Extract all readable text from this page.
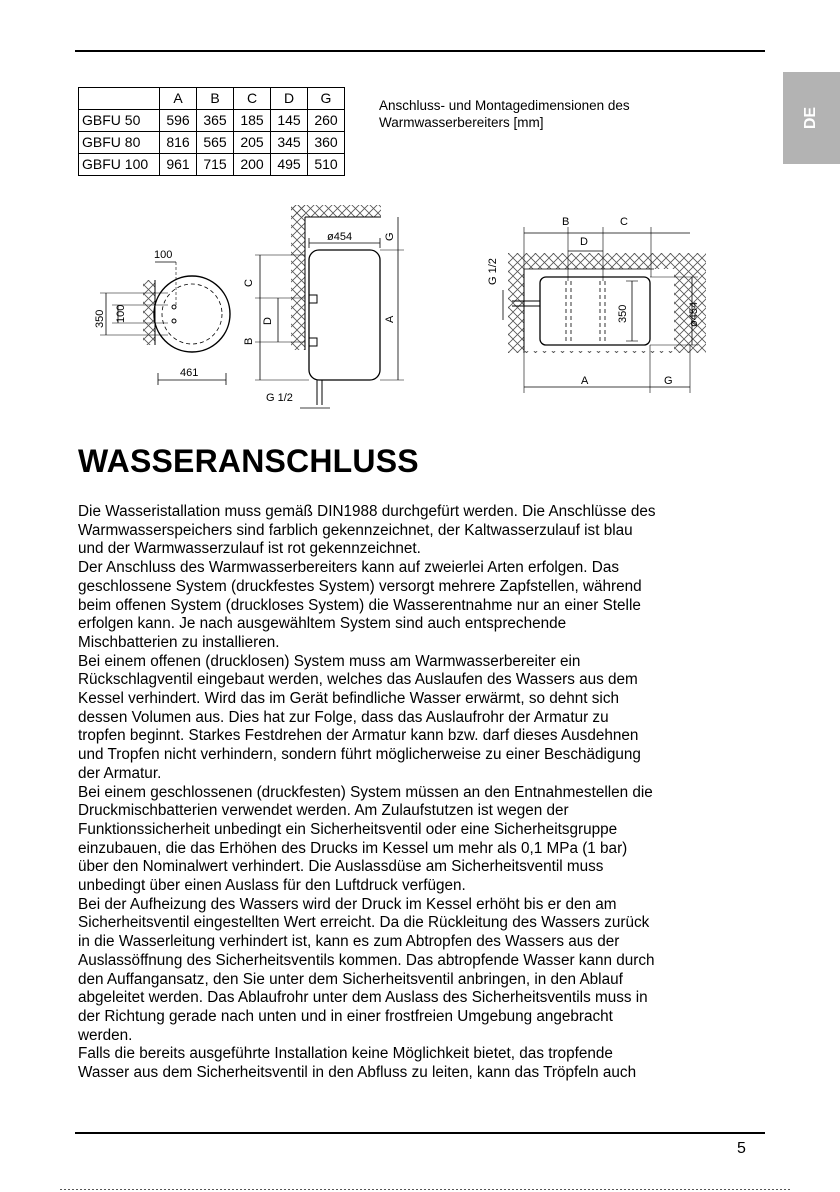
DE
	A	B	C	D	G
GBFU 50	596	365	185	145	260
GBFU 80	816	565	205	345	360
GBFU 100	961	715	200	495	510
Anschluss- und Montagedimensionen des
Warmwasserbereiters [mm]
100
350 100
461
C
B
D
ø454	G
A
G 1/2
B	C
D
G 1/2
350	ø454
A	G
WASSERANSCHLUSS

Die Wasseristallation muss gemäß DIN1988 durchgefürt werden. Die Anschlüsse des

Warmwasserspeichers sind farblich gekennzeichnet, der Kaltwasserzulauf ist blau

und der Warmwasserzulauf ist rot gekennzeichnet.

Der Anschluss des Warmwasserbereiters kann auf zweierlei Arten erfolgen. Das

geschlossene System (druckfestes System) versorgt mehrere Zapfstellen, während

beim offenen System (druckloses System) die Wasserentnahme nur an einer Stelle

erfolgen kann. Je nach ausgewähltem System sind auch entsprechende

Mischbatterien zu installieren.

Bei einem offenen (drucklosen) System muss am Warmwasserbereiter ein

Rückschlagventil eingebaut werden, welches das Auslaufen des Wassers aus dem

Kessel verhindert. Wird das im Gerät befindliche Wasser erwärmt, so dehnt sich

dessen Volumen aus. Dies hat zur Folge, dass das Auslaufrohr der Armatur zu

tropfen beginnt. Starkes Festdrehen der Armatur kann bzw. darf dieses Ausdehnen

und Tropfen nicht verhindern, sondern führt möglicherweise zu einer Beschädigung

der Armatur.

Bei einem geschlossenen (druckfesten) System müssen an den Entnahmestellen die

Druckmischbatterien verwendet werden. Am Zulaufstutzen ist wegen der

Funktionssicherheit unbedingt ein Sicherheitsventil oder eine Sicherheitsgruppe

einzubauen, die das Erhöhen des Drucks im Kessel um mehr als 0,1 MPa (1 bar)

über den Nominalwert verhindert. Die Auslassdüse am Sicherheitsventil muss

unbedingt über einen Auslass für den Luftdruck verfügen.

Bei der Aufheizung des Wassers wird der Druck im Kessel erhöht bis er den am

Sicherheitsventil eingestellten Wert erreicht. Da die Rückleitung des Wassers zurück

in die Wasserleitung verhindert ist, kann es zum Abtropfen des Wassers aus der

Auslassöffnung des Sicherheitsventils kommen. Das abtropfende Wasser kann durch

den Auffangansatz, den Sie unter dem Sicherheitsventil anbringen, in den Ablauf

abgeleitet werden. Das Ablaufrohr unter dem Auslass des Sicherheitsventils muss in

der Richtung gerade nach unten und in einer frostfreien Umgebung angebracht

werden.

Falls die bereits ausgeführte Installation keine Möglichkeit bietet, das tropfende

Wasser aus dem Sicherheitsventil in den Abfluss zu leiten, kann das Tröpfeln auch

5
